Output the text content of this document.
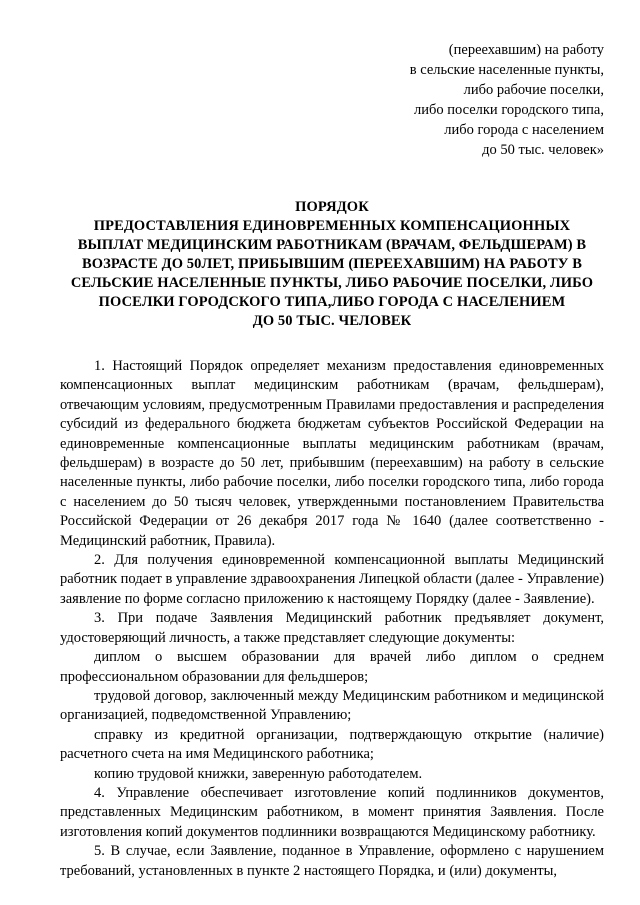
(переехавшим) на работу
в сельские населенные пункты,
либо рабочие поселки,
либо поселки городского типа,
либо города с населением
до 50 тыс. человек»
ПОРЯДОК
ПРЕДОСТАВЛЕНИЯ ЕДИНОВРЕМЕННЫХ КОМПЕНСАЦИОННЫХ
ВЫПЛАТ МЕДИЦИНСКИМ РАБОТНИКАМ (ВРАЧАМ, ФЕЛЬДШЕРАМ) В
ВОЗРАСТЕ ДО 50ЛЕТ, ПРИБЫВШИМ (ПЕРЕЕХАВШИМ) НА РАБОТУ В
СЕЛЬСКИЕ НАСЕЛЕННЫЕ ПУНКТЫ, ЛИБО РАБОЧИЕ ПОСЕЛКИ, ЛИБО
ПОСЕЛКИ ГОРОДСКОГО ТИПА,ЛИБО ГОРОДА С НАСЕЛЕНИЕМ
ДО 50 ТЫС. ЧЕЛОВЕК

1. Настоящий Порядок определяет механизм предоставления единовременных компенсационных выплат медицинским работникам (врачам, фельдшерам), отвечающим условиям, предусмотренным Правилами предоставления и распределения субсидий из федерального бюджета бюджетам субъектов Российской Федерации на единовременные компенсационные выплаты медицинским работникам (врачам, фельдшерам) в возрасте до 50 лет, прибывшим (переехавшим) на работу в сельские населенные пункты, либо рабочие поселки, либо поселки городского типа, либо города с населением до 50 тысяч человек, утвержденными постановлением Правительства Российской Федерации от 26 декабря 2017 года № 1640 (далее соответственно - Медицинский работник, Правила).

2. Для получения единовременной компенсационной выплаты Медицинский работник подает в управление здравоохранения Липецкой области (далее - Управление) заявление по форме согласно приложению к настоящему Порядку (далее - Заявление).

3. При подаче Заявления Медицинский работник предъявляет документ, удостоверяющий личность, а также представляет следующие документы:

диплом о высшем образовании для врачей либо диплом о среднем профессиональном образовании для фельдшеров;

трудовой договор, заключенный между Медицинским работником и медицинской организацией, подведомственной Управлению;

справку из кредитной организации, подтверждающую открытие (наличие) расчетного счета на имя Медицинского работника;

копию трудовой книжки, заверенную работодателем.

4. Управление обеспечивает изготовление копий подлинников документов, представленных Медицинским работником, в момент принятия Заявления. После изготовления копий документов подлинники возвращаются Медицинскому работнику.

5. В случае, если Заявление, поданное в Управление, оформлено с нарушением требований, установленных в пункте 2 настоящего Порядка, и (или) документы,
